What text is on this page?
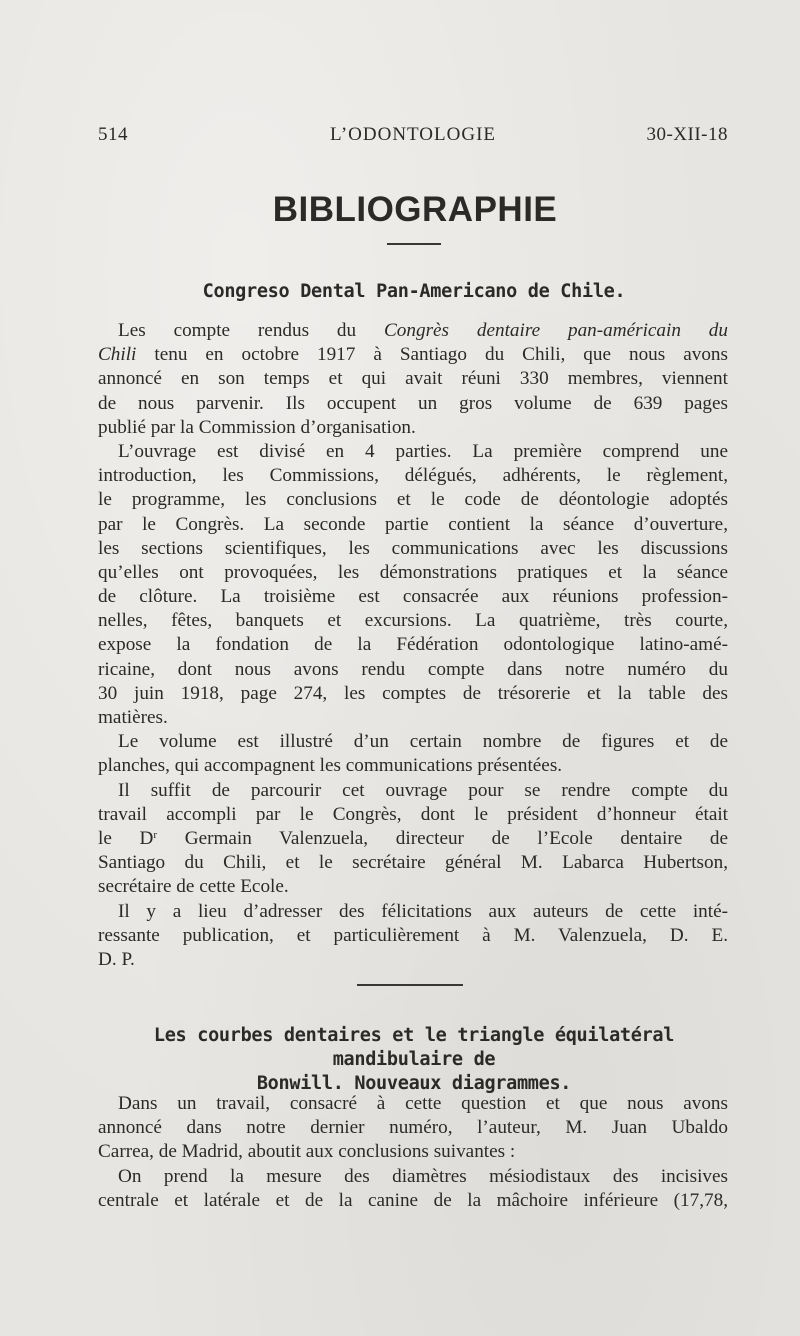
514	L’ODONTOLOGIE	30-XII-18
BIBLIOGRAPHIE
Congreso Dental Pan-Americano de Chile.
Les compte rendus du Congrès dentaire pan-américain du
Chili tenu en octobre 1917 à Santiago du Chili, que nous avons
annoncé en son temps et qui avait réuni 330 membres, viennent
de nous parvenir. Ils occupent un gros volume de 639 pages
publié par la Commission d’organisation.
L’ouvrage est divisé en 4 parties. La première comprend une
introduction, les Commissions, délégués, adhérents, le règlement,
le programme, les conclusions et le code de déontologie adoptés
par le Congrès. La seconde partie contient la séance d’ouverture,
les sections scientifiques, les communications avec les discussions
qu’elles ont provoquées, les démonstrations pratiques et la séance
de clôture. La troisième est consacrée aux réunions profession-
nelles, fêtes, banquets et excursions. La quatrième, très courte,
expose la fondation de la Fédération odontologique latino-amé-
ricaine, dont nous avons rendu compte dans notre numéro du
30 juin 1918, page 274, les comptes de trésorerie et la table des
matières.
Le volume est illustré d’un certain nombre de figures et de
planches, qui accompagnent les communications présentées.
Il suffit de parcourir cet ouvrage pour se rendre compte du
travail accompli par le Congrès, dont le président d’honneur était
le $D^r$ Germain Valenzuela, directeur de l’Ecole dentaire de
Santiago du Chili, et le secrétaire général M. Labarca Hubertson,
secrétaire de cette Ecole.
Il y a lieu d’adresser des félicitations aux auteurs de cette inté-
ressante publication, et particulièrement à M. Valenzuela, D. E.
D. P.
Les courbes dentaires et le triangle équilatéral mandibulaire de
Bonwill. Nouveaux diagrammes.
Dans un travail, consacré à cette question et que nous avons
annoncé dans notre dernier numéro, l’auteur, M. Juan Ubaldo
Carrea, de Madrid, aboutit aux conclusions suivantes :
On prend la mesure des diamètres mésiodistaux des incisives
centrale et latérale et de la canine de la mâchoire inférieure (17,78,
